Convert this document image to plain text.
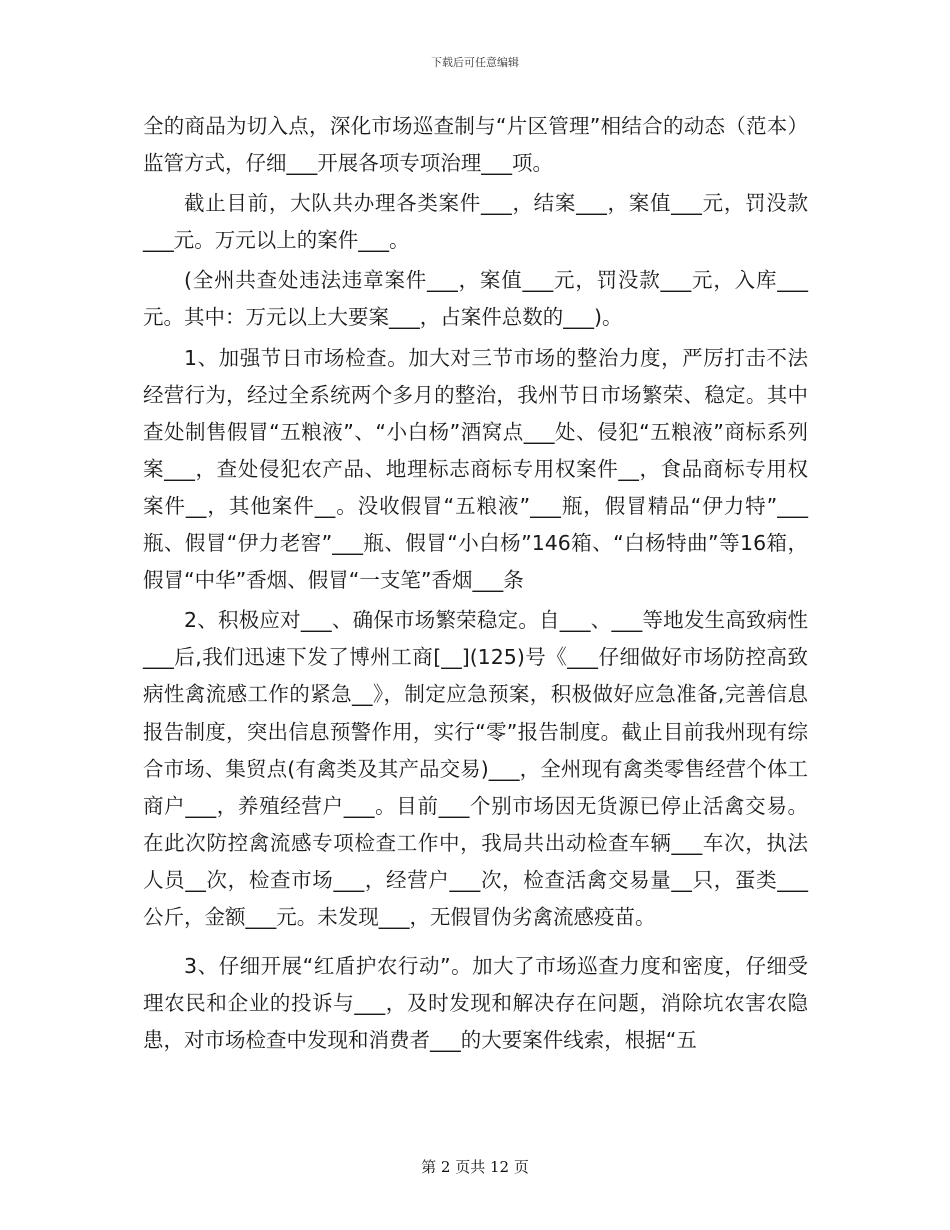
下载后可任意编辑

全的商品为切入点，深化市场巡查制与“片区管理”相结合的动态（范本）监管方式，仔细___开展各项专项治理___项。

截止目前，大队共办理各类案件___，结案___，案值___元，罚没款___元。万元以上的案件___。

(全州共查处违法违章案件___，案值___元，罚没款___元，入库___元。其中：万元以上大要案___，占案件总数的___)。

1、加强节日市场检查。加大对三节市场的整治力度，严厉打击不法经营行为，经过全系统两个多月的整治，我州节日市场繁荣、稳定。其中查处制售假冒“五粮液”、“小白杨”酒窝点___处、侵犯“五粮液”商标系列案___，查处侵犯农产品、地理标志商标专用权案件__，食品商标专用权案件__，其他案件__。没收假冒“五粮液”___瓶，假冒精品“伊力特”___瓶、假冒“伊力老窖”___瓶、假冒“小白杨”146箱、“白杨特曲”等16箱，假冒“中华”香烟、假冒“一支笔”香烟___条

2、积极应对___、确保市场繁荣稳定。自___、___等地发生高致病性___后,我们迅速下发了博州工商[__](125)号《___仔细做好市场防控高致病性禽流感工作的紧急__》，制定应急预案，积极做好应急准备,完善信息报告制度，突出信息预警作用，实行“零”报告制度。截止目前我州现有综合市场、集贸点(有禽类及其产品交易)___，全州现有禽类零售经营个体工商户___，养殖经营户___。目前___个别市场因无货源已停止活禽交易。在此次防控禽流感专项检查工作中，我局共出动检查车辆___车次，执法人员__次，检查市场___，经营户___次，检查活禽交易量__只，蛋类___公斤，金额___元。未发现___，无假冒伪劣禽流感疫苗。

3、仔细开展“红盾护农行动”。加大了市场巡查力度和密度，仔细受理农民和企业的投诉与___，及时发现和解决存在问题，消除坑农害农隐患，对市场检查中发现和消费者___的大要案件线索，根据“五

第 2 页共 12 页
